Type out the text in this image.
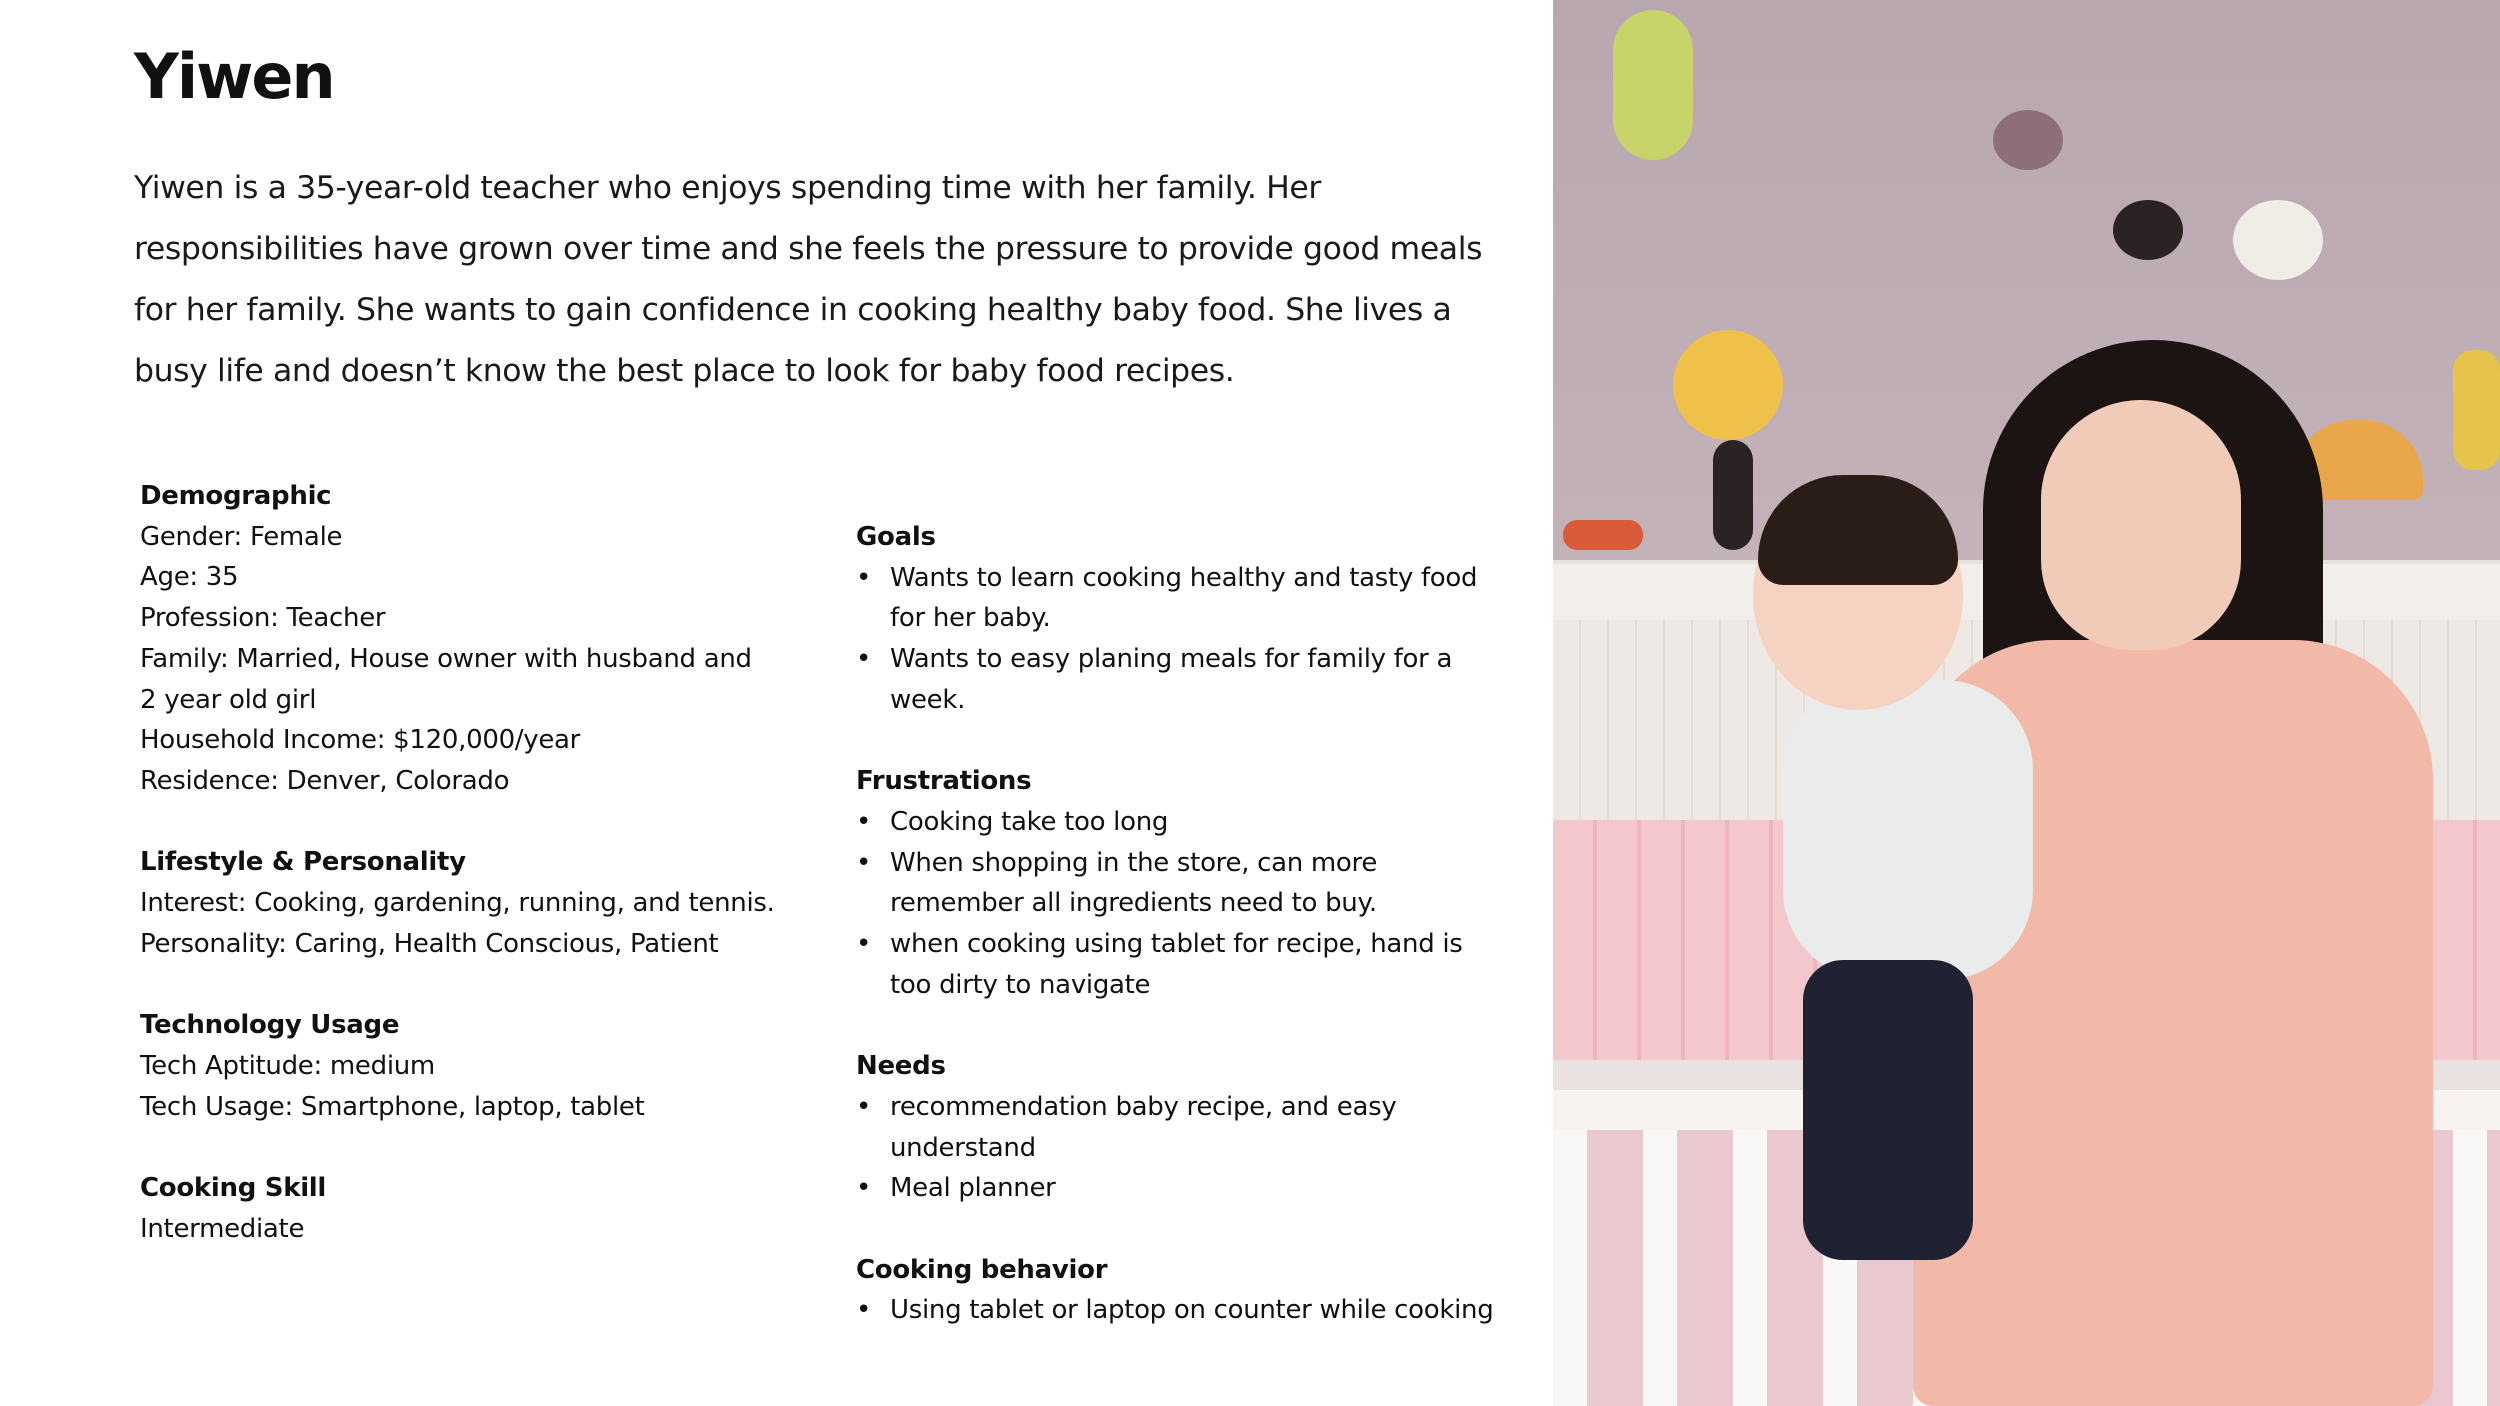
Yiwen

Yiwen is a 35-year-old teacher who enjoys spending time with her family. Her responsibilities have grown over time and she feels the pressure to provide good meals for her family. She wants to gain confidence in cooking healthy baby food. She lives a busy life and doesn’t know the best place to look for baby food recipes.

Demographic
Gender: Female
Age: 35
Profession: Teacher
Family: Married, House owner with husband and 2 year old girl
Household Income: $120,000/year
Residence: Denver, Colorado
Lifestyle & Personality
Interest: Cooking, gardening, running, and tennis.
Personality: Caring, Health Conscious, Patient
Technology Usage
Tech Aptitude: medium
Tech Usage: Smartphone, laptop, tablet
Cooking Skill
Intermediate
Goals
• Wants to learn cooking healthy and tasty food for her baby.
• Wants to easy planing meals for family for a week.
Frustrations
• Cooking take too long
• When shopping in the store, can more remember all ingredients need to buy.
• when cooking using tablet for recipe, hand is too dirty to navigate
Needs
• recommendation baby recipe, and easy understand
• Meal planner
Cooking behavior
• Using tablet or laptop on counter while cooking
